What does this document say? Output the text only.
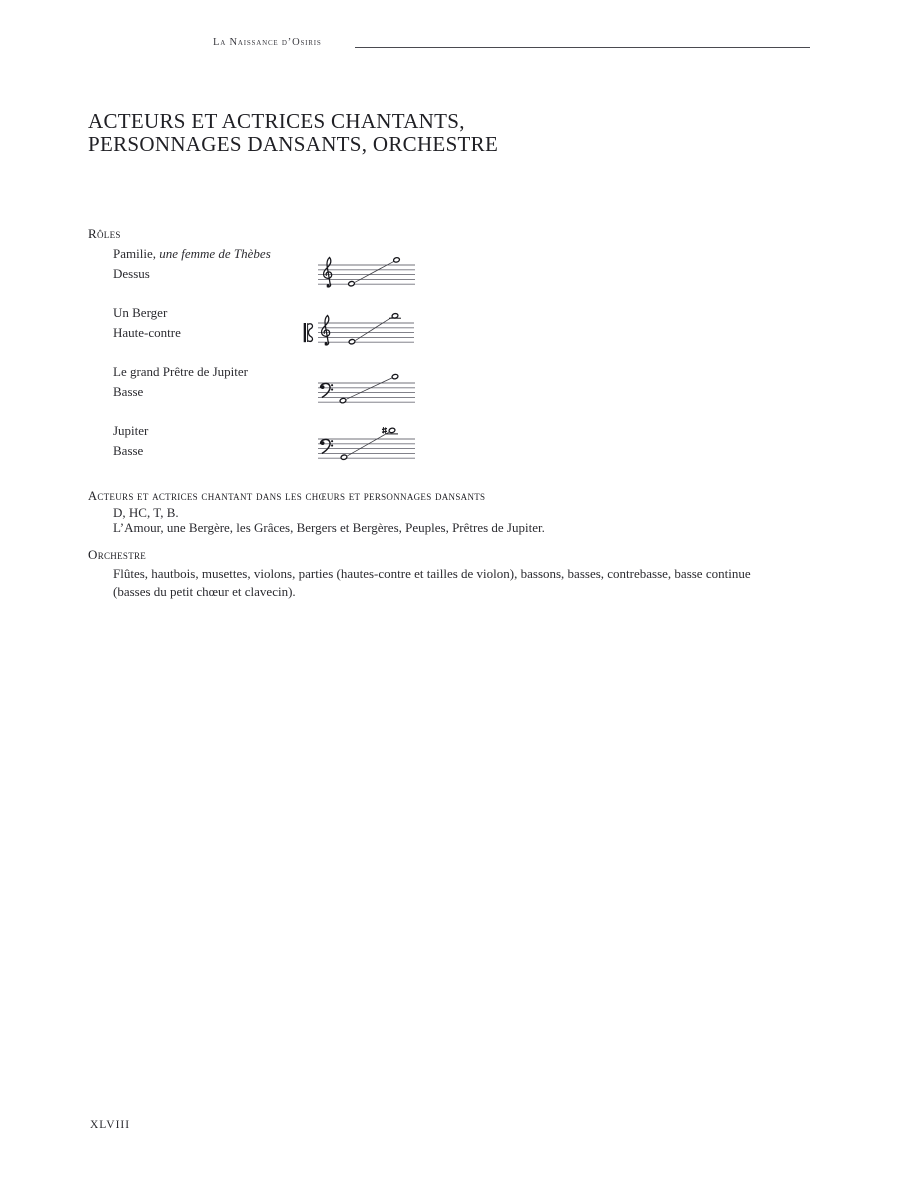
La Naissance d’Osiris
ACTEURS ET ACTRICES CHANTANTS,
PERSONNAGES DANSANTS, ORCHESTRE
Rôles
Pamilie, une femme de Thèbes
Dessus
Un Berger
Haute-contre
Le grand Prêtre de Jupiter
Basse
Jupiter
Basse
Acteurs et actrices chantant dans les chœurs et personnages dansants
D, HC, T, B.
L’Amour, une Bergère, les Grâces, Bergers et Bergères, Peuples, Prêtres de Jupiter.
Orchestre
Flûtes, hautbois, musettes, violons, parties (hautes-contre et tailles de violon), bassons, basses, contrebasse, basse continue
(basses du petit chœur et clavecin).
XLVIII
